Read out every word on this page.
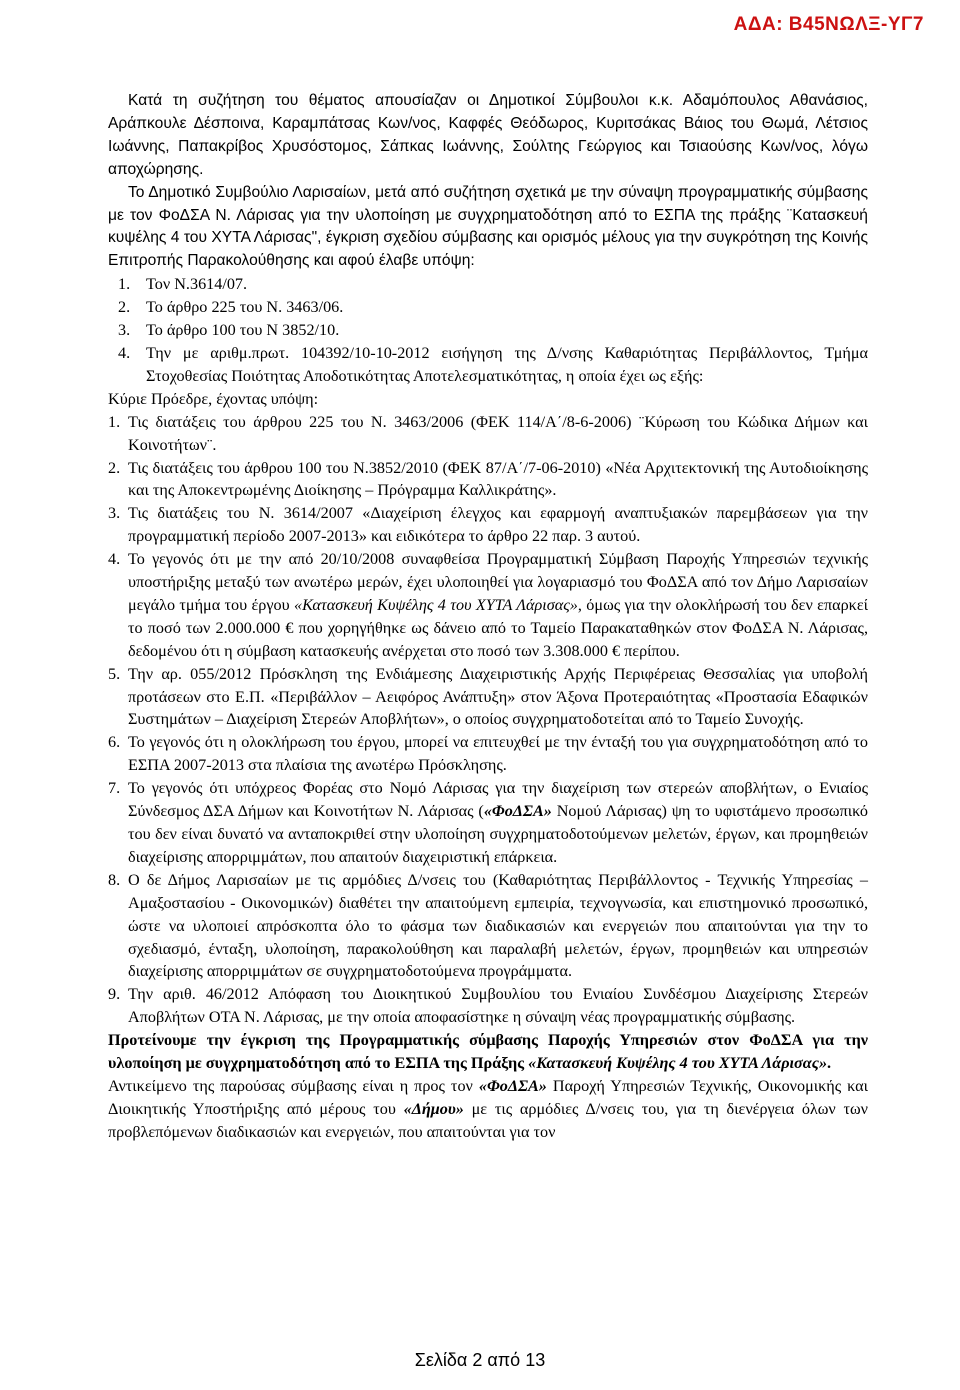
ΑΔΑ: Β45ΝΩΛΞ-ΥΓ7

Κατά τη συζήτηση του θέματος απουσίαζαν οι Δημοτικοί Σύμβουλοι κ.κ. Αδαμόπουλος Αθανάσιος, Αράπκουλε Δέσποινα, Καραμπάτσας Κων/νος, Καφφές Θεόδωρος, Κυριτσάκας Βάιος του Θωμά, Λέτσιος Ιωάννης, Παπακρίβος Χρυσόστομος, Σάπκας Ιωάννης, Σούλτης Γεώργιος και Τσιαούσης Κων/νος, λόγω αποχώρησης.

Το Δημοτικό Συμβούλιο Λαρισαίων, μετά από συζήτηση σχετικά με την σύναψη προγραμματικής σύμβασης με τον ΦοΔΣΑ Ν. Λάρισας για την υλοποίηση με συγχρηματοδότηση από το ΕΣΠΑ της πράξης ¨Κατασκευή κυψέλης 4 του ΧΥΤΑ Λάρισας", έγκριση σχεδίου σύμβασης και ορισμός μέλους για την συγκρότηση της Κοινής Επιτροπής Παρακολούθησης και αφού έλαβε υπόψη:

1. Τον Ν.3614/07.
2. Το άρθρο 225 του Ν. 3463/06.
3. Το άρθρο 100 του Ν 3852/10.
4. Την με αριθμ.πρωτ. 104392/10-10-2012 εισήγηση της Δ/νσης Καθαριότητας Περιβάλλοντος, Τμήμα Στοχοθεσίας Ποιότητας Αποδοτικότητας Αποτελεσματικότητας, η οποία έχει ως εξής:

Κύριε Πρόεδρε, έχοντας υπόψη:

1. Τις διατάξεις του άρθρου 225 του Ν. 3463/2006 (ΦΕΚ 114/Α΄/8-6-2006) ¨Κύρωση του Κώδικα Δήμων και Κοινοτήτων¨.
2. Τις διατάξεις του άρθρου 100 του Ν.3852/2010 (ΦΕΚ 87/Α΄/7-06-2010) «Νέα Αρχιτεκτονική της Αυτοδιοίκησης και της Αποκεντρωμένης Διοίκησης – Πρόγραμμα Καλλικράτης».
3. Τις διατάξεις του Ν. 3614/2007 «Διαχείριση έλεγχος και εφαρμογή αναπτυξιακών παρεμβάσεων για την προγραμματική περίοδο 2007-2013» και ειδικότερα το άρθρο 22 παρ. 3 αυτού.
4. Το γεγονός ότι με την από 20/10/2008 συναφθείσα Προγραμματική Σύμβαση Παροχής Υπηρεσιών τεχνικής υποστήριξης μεταξύ των ανωτέρω μερών, έχει υλοποιηθεί για λογαριασμό του ΦοΔΣΑ από τον Δήμο Λαρισαίων μεγάλο τμήμα του έργου «Κατασκευή Κυψέλης 4 του ΧΥΤΑ Λάρισας», όμως για την ολοκλήρωσή του δεν επαρκεί το ποσό των 2.000.000 € που χορηγήθηκε ως δάνειο από το Ταμείο Παρακαταθηκών στον ΦοΔΣΑ Ν. Λάρισας, δεδομένου ότι η σύμβαση κατασκευής ανέρχεται στο ποσό των 3.308.000 € περίπου.
5. Την αρ. 055/2012 Πρόσκληση της Ενδιάμεσης Διαχειριστικής Αρχής Περιφέρειας Θεσσαλίας για υποβολή προτάσεων στο Ε.Π. «Περιβάλλον – Αειφόρος Ανάπτυξη» στον Άξονα Προτεραιότητας «Προστασία Εδαφικών Συστημάτων – Διαχείριση Στερεών Αποβλήτων», ο οποίος συγχρηματοδοτείται από το Ταμείο Συνοχής.
6. Το γεγονός ότι η ολοκλήρωση του έργου, μπορεί να επιτευχθεί με την ένταξή του για συγχρηματοδότηση από το ΕΣΠΑ 2007-2013 στα πλαίσια της ανωτέρω Πρόσκλησης.
7. Το γεγονός ότι υπόχρεος Φορέας στο Νομό Λάρισας για την διαχείριση των στερεών αποβλήτων, ο Ενιαίος Σύνδεσμος ΔΣΑ Δήμων και Κοινοτήτων Ν. Λάρισας («ΦοΔΣΑ» Νομού Λάρισας) ψη το υφιστάμενο προσωπικό του δεν είναι δυνατό να ανταποκριθεί στην υλοποίηση συγχρηματοδοτούμενων μελετών, έργων, και προμηθειών διαχείρισης απορριμμάτων, που απαιτούν διαχειριστική επάρκεια.
8. Ο δε Δήμος Λαρισαίων με τις αρμόδιες Δ/νσεις του (Καθαριότητας Περιβάλλοντος - Τεχνικής Υπηρεσίας – Αμαξοστασίου - Οικονομικών) διαθέτει την απαιτούμενη εμπειρία, τεχνογνωσία, και επιστημονικό προσωπικό, ώστε να υλοποιεί απρόσκοπτα όλο το φάσμα των διαδικασιών και ενεργειών που απαιτούνται για την το σχεδιασμό, ένταξη, υλοποίηση, παρακολούθηση και παραλαβή μελετών, έργων, προμηθειών και υπηρεσιών διαχείρισης απορριμμάτων σε συγχρηματοδοτούμενα προγράμματα.
9. Την αριθ. 46/2012 Απόφαση του Διοικητικού Συμβουλίου του Ενιαίου Συνδέσμου Διαχείρισης Στερεών Αποβλήτων ΟΤΑ Ν. Λάρισας, με την οποία αποφασίστηκε η σύναψη νέας προγραμματικής σύμβασης.

Προτείνουμε την έγκριση της Προγραμματικής σύμβασης Παροχής Υπηρεσιών στον ΦοΔΣΑ για την υλοποίηση με συγχρηματοδότηση από το ΕΣΠΑ της Πράξης «Κατασκευή Κυψέλης 4 του ΧΥΤΑ Λάρισας».

Αντικείμενο της παρούσας σύμβασης είναι η προς τον «ΦοΔΣΑ» Παροχή Υπηρεσιών Τεχνικής, Οικονομικής και Διοικητικής Υποστήριξης από μέρους του «Δήμου» με τις αρμόδιες Δ/νσεις του, για τη διενέργεια όλων των προβλεπόμενων διαδικασιών και ενεργειών, που απαιτούνται για τον

Σελίδα 2 από 13
